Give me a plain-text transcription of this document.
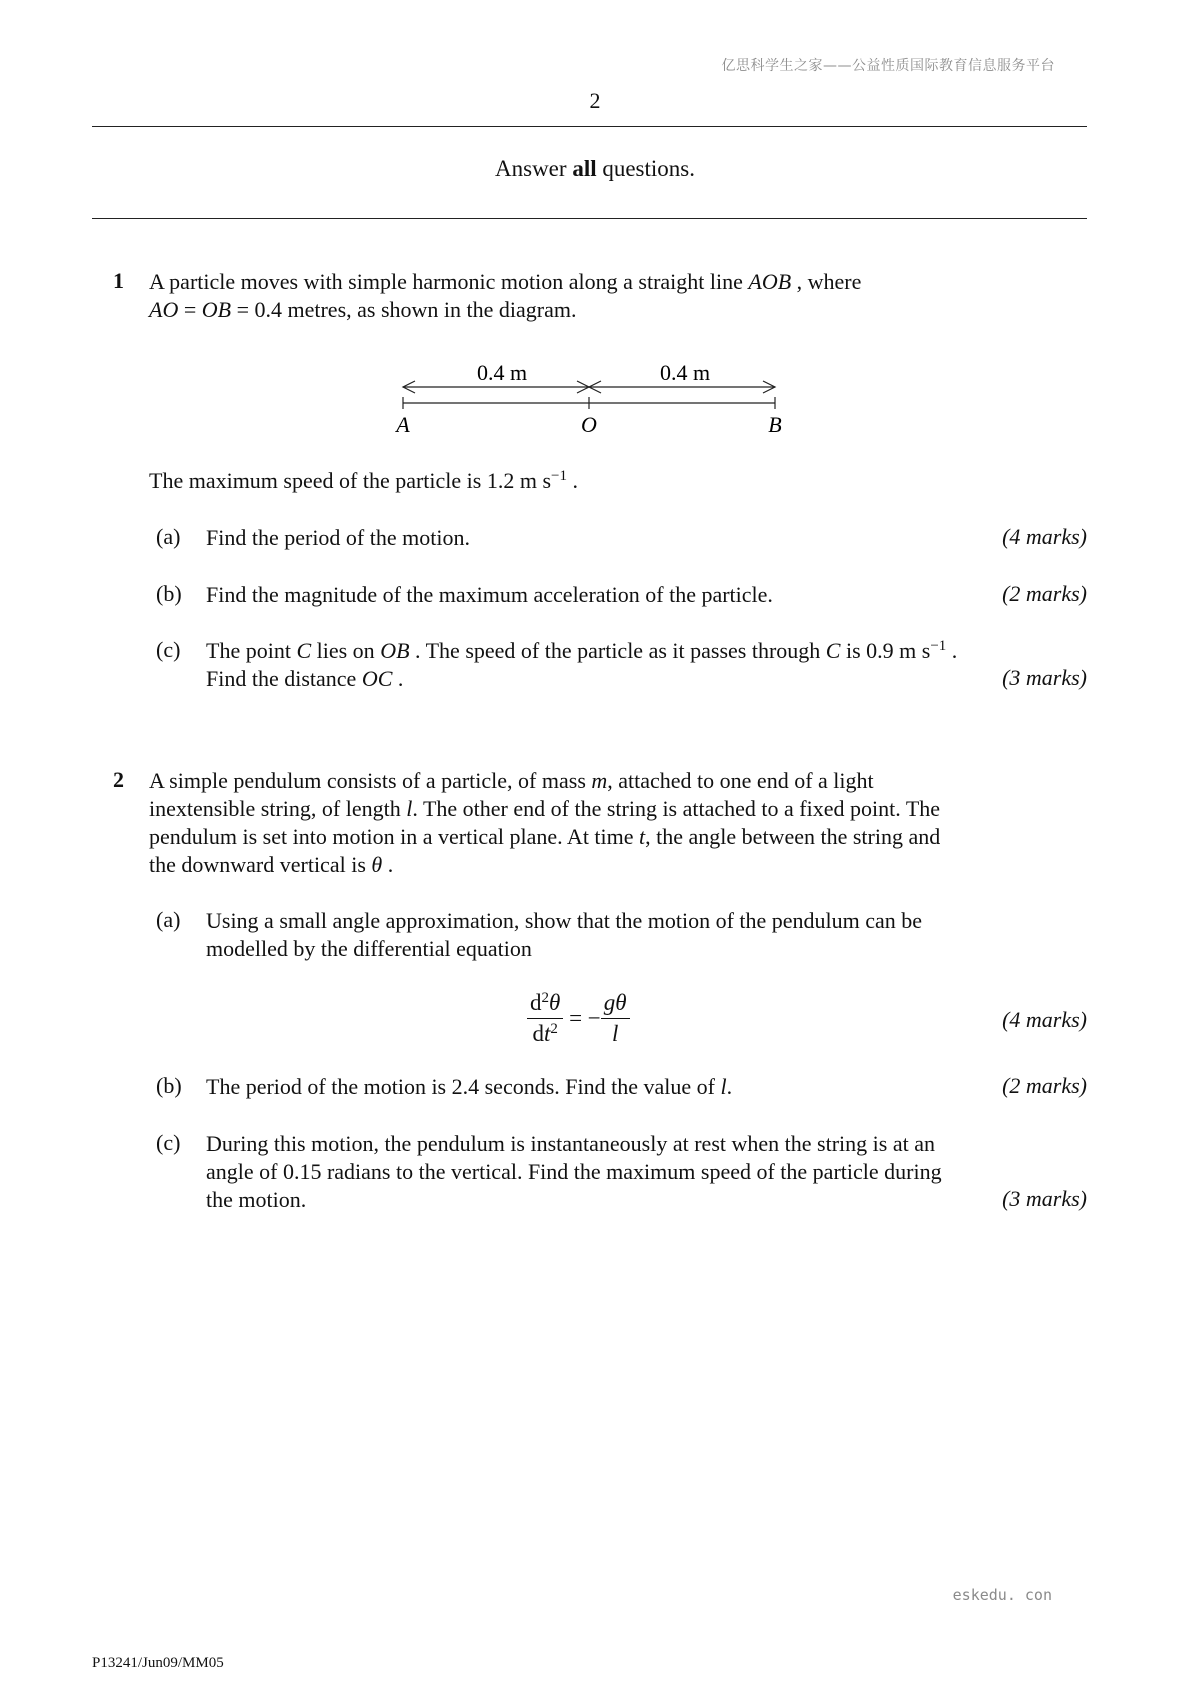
亿思科学生之家——公益性质国际教育信息服务平台
2
Answer all questions.
1 A particle moves with simple harmonic motion along a straight line AOB , where
AO = OB = 0.4 metres, as shown in the diagram.
0.4 m	0.4 m
A	O	B
The maximum speed of the particle is 1.2 m $s^{-1}$ .
(a) Find the period of the motion.	(4 marks)
(b) Find the magnitude of the maximum acceleration of the particle.	(2 marks)
(c) The point C lies on OB . The speed of the particle as it passes through C is 0.9 m $s^{-1}$ .
Find the distance OC .	(3 marks)
2 A simple pendulum consists of a particle, of mass m, attached to one end of a light
inextensible string, of length l. The other end of the string is attached to a fixed point. The
pendulum is set into motion in a vertical plane. At time t, the angle between the string and
the downward vertical is θ .
(a) Using a small angle approximation, show that the motion of the pendulum can be
modelled by the differential equation
$\frac{d^2\theta}{dt^2}$ = − $\frac{g\theta}{l}$	(4 marks)
(b) The period of the motion is 2.4 seconds. Find the value of l.	(2 marks)
(c) During this motion, the pendulum is instantaneously at rest when the string is at an
angle of 0.15 radians to the vertical. Find the maximum speed of the particle during
the motion.	(3 marks)
eskedu. con
P13241/Jun09/MM05
